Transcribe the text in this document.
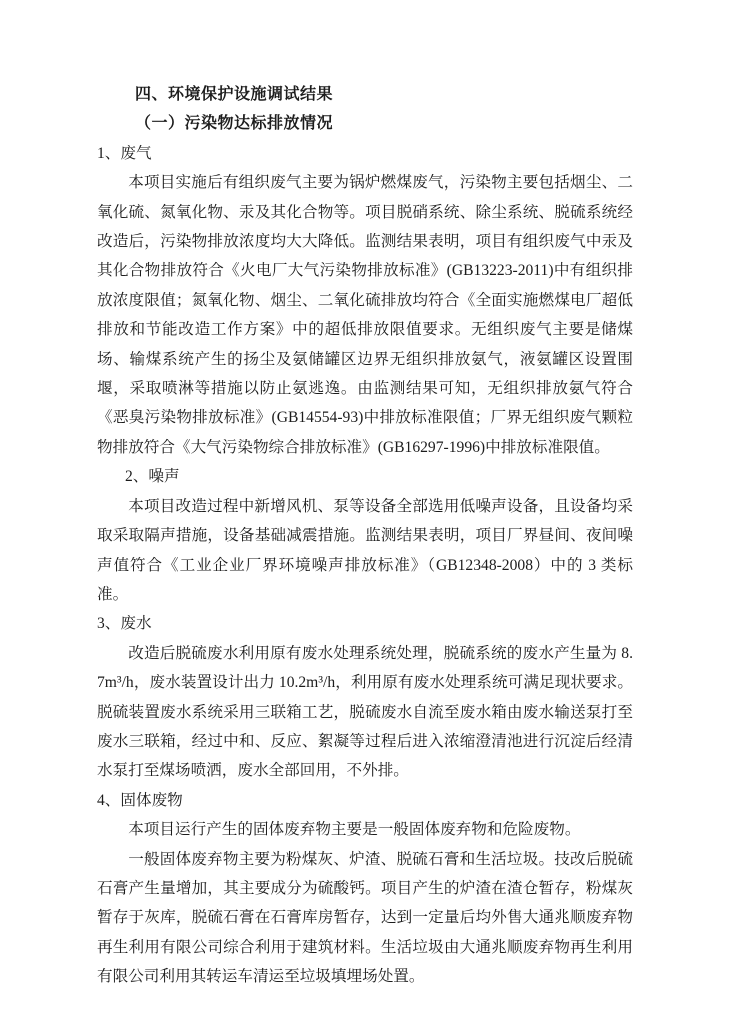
四、环境保护设施调试结果
（一）污染物达标排放情况
1、废气

本项目实施后有组织废气主要为锅炉燃煤废气，污染物主要包括烟尘、二氧化硫、氮氧化物、汞及其化合物等。项目脱硝系统、除尘系统、脱硫系统经改造后，污染物排放浓度均大大降低。监测结果表明，项目有组织废气中汞及其化合物排放符合《火电厂大气污染物排放标准》(GB13223-2011)中有组织排放浓度限值；氮氧化物、烟尘、二氧化硫排放均符合《全面实施燃煤电厂超低排放和节能改造工作方案》中的超低排放限值要求。无组织废气主要是储煤场、输煤系统产生的扬尘及氨储罐区边界无组织排放氨气，液氨罐区设置围堰，采取喷淋等措施以防止氨逃逸。由监测结果可知，无组织排放氨气符合《恶臭污染物排放标准》(GB14554-93)中排放标准限值；厂界无组织废气颗粒物排放符合《大气污染物综合排放标准》(GB16297-1996)中排放标准限值。

2、噪声

本项目改造过程中新增风机、泵等设备全部选用低噪声设备，且设备均采取采取隔声措施，设备基础减震措施。监测结果表明，项目厂界昼间、夜间噪声值符合《工业企业厂界环境噪声排放标准》（GB12348-2008）中的 3 类标准。

3、废水

改造后脱硫废水利用原有废水处理系统处理，脱硫系统的废水产生量为 8.7m³/h，废水装置设计出力 10.2m³/h，利用原有废水处理系统可满足现状要求。脱硫装置废水系统采用三联箱工艺，脱硫废水自流至废水箱由废水输送泵打至废水三联箱，经过中和、反应、絮凝等过程后进入浓缩澄清池进行沉淀后经清水泵打至煤场喷洒，废水全部回用，不外排。

4、固体废物

本项目运行产生的固体废弃物主要是一般固体废弃物和危险废物。

一般固体废弃物主要为粉煤灰、炉渣、脱硫石膏和生活垃圾。技改后脱硫石膏产生量增加，其主要成分为硫酸钙。项目产生的炉渣在渣仓暂存，粉煤灰暂存于灰库，脱硫石膏在石膏库房暂存，达到一定量后均外售大通兆顺废弃物再生利用有限公司综合利用于建筑材料。生活垃圾由大通兆顺废弃物再生利用有限公司利用其转运车清运至垃圾填埋场处置。
